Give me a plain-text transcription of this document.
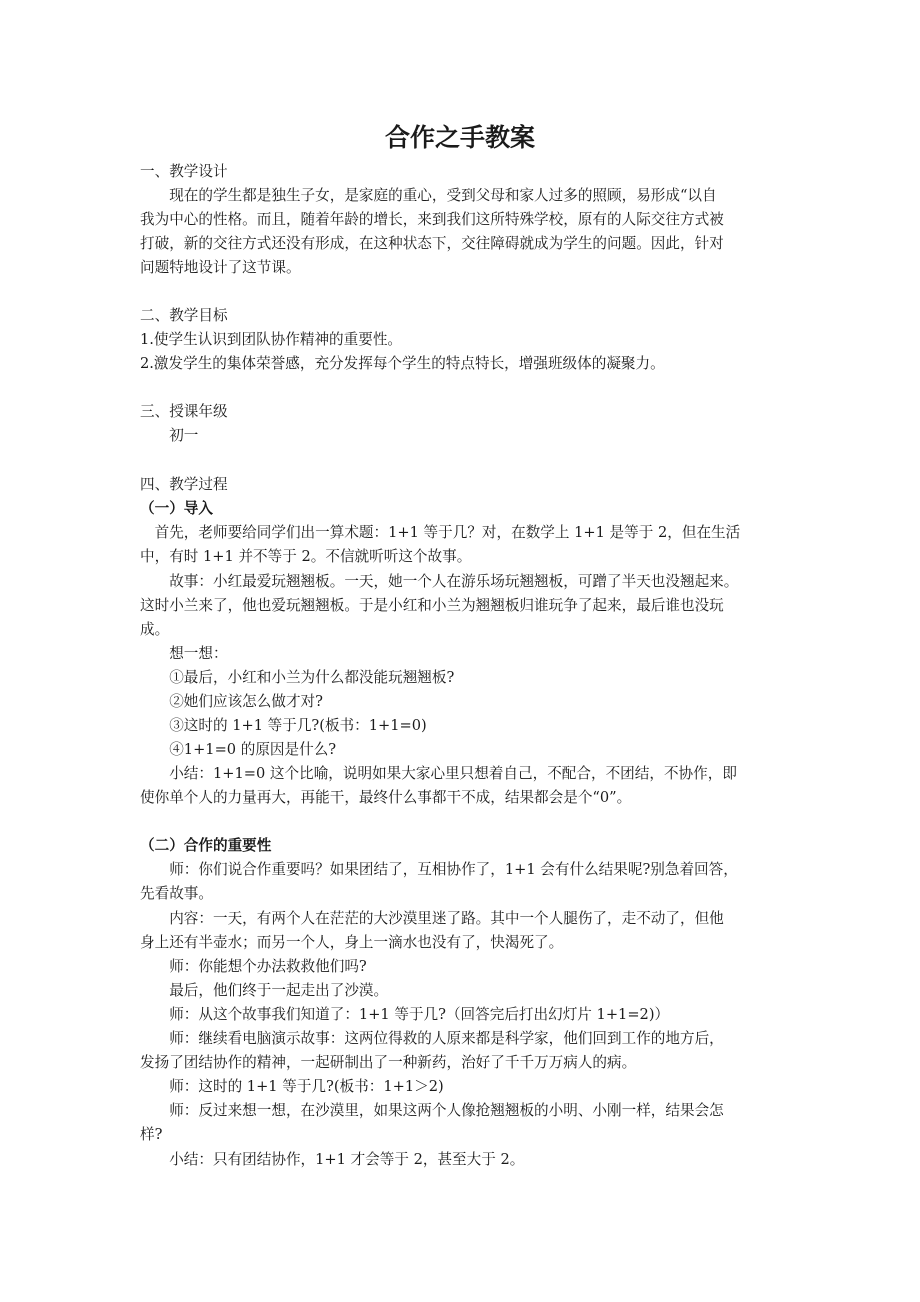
合作之手教案
一、教学设计
　　现在的学生都是独生子女，是家庭的重心，受到父母和家人过多的照顾，易形成“以自
我为中心的性格。而且，随着年龄的增长，来到我们这所特殊学校，原有的人际交往方式被
打破，新的交往方式还没有形成，在这种状态下，交往障碍就成为学生的问题。因此，针对
问题特地设计了这节课。
二、教学目标
1.使学生认识到团队协作精神的重要性。
2.激发学生的集体荣誉感，充分发挥每个学生的特点特长，增强班级体的凝聚力。
三、授课年级
　　初一
四、教学过程
（一）导入
　首先，老师要给同学们出一算术题：1+1 等于几？对，在数学上 1+1 是等于 2，但在生活
中，有时 1+1 并不等于 2。不信就听听这个故事。
　　故事：小红最爱玩翘翘板。一天，她一个人在游乐场玩翘翘板，可蹭了半天也没翘起来。
这时小兰来了，他也爱玩翘翘板。于是小红和小兰为翘翘板归谁玩争了起来，最后谁也没玩
成。
　　想一想：
　　①最后，小红和小兰为什么都没能玩翘翘板?
　　②她们应该怎么做才对?
　　③这时的 1+1 等于几?(板书：1+1=0)
　　④1+1=0 的原因是什么?
　　小结：1+1=0 这个比喻，说明如果大家心里只想着自己，不配合，不团结，不协作，即
使你单个人的力量再大，再能干，最终什么事都干不成，结果都会是个“0”。
（二）合作的重要性
　　师：你们说合作重要吗？如果团结了，互相协作了，1+1 会有什么结果呢?别急着回答，
先看故事。
　　内容：一天，有两个人在茫茫的大沙漠里迷了路。其中一个人腿伤了，走不动了，但他
身上还有半壶水；而另一个人，身上一滴水也没有了，快渴死了。
　　师：你能想个办法救救他们吗?
　　最后，他们终于一起走出了沙漠。
　　师：从这个故事我们知道了：1+1 等于几?（回答完后打出幻灯片 1+1=2)）
　　师：继续看电脑演示故事：这两位得救的人原来都是科学家，他们回到工作的地方后，
发扬了团结协作的精神，一起研制出了一种新药，治好了千千万万病人的病。
　　师：这时的 1+1 等于几?(板书：1+1＞2)
　　师：反过来想一想，在沙漠里，如果这两个人像抢翘翘板的小明、小刚一样，结果会怎
样?
　　小结：只有团结协作，1+1 才会等于 2，甚至大于 2。
